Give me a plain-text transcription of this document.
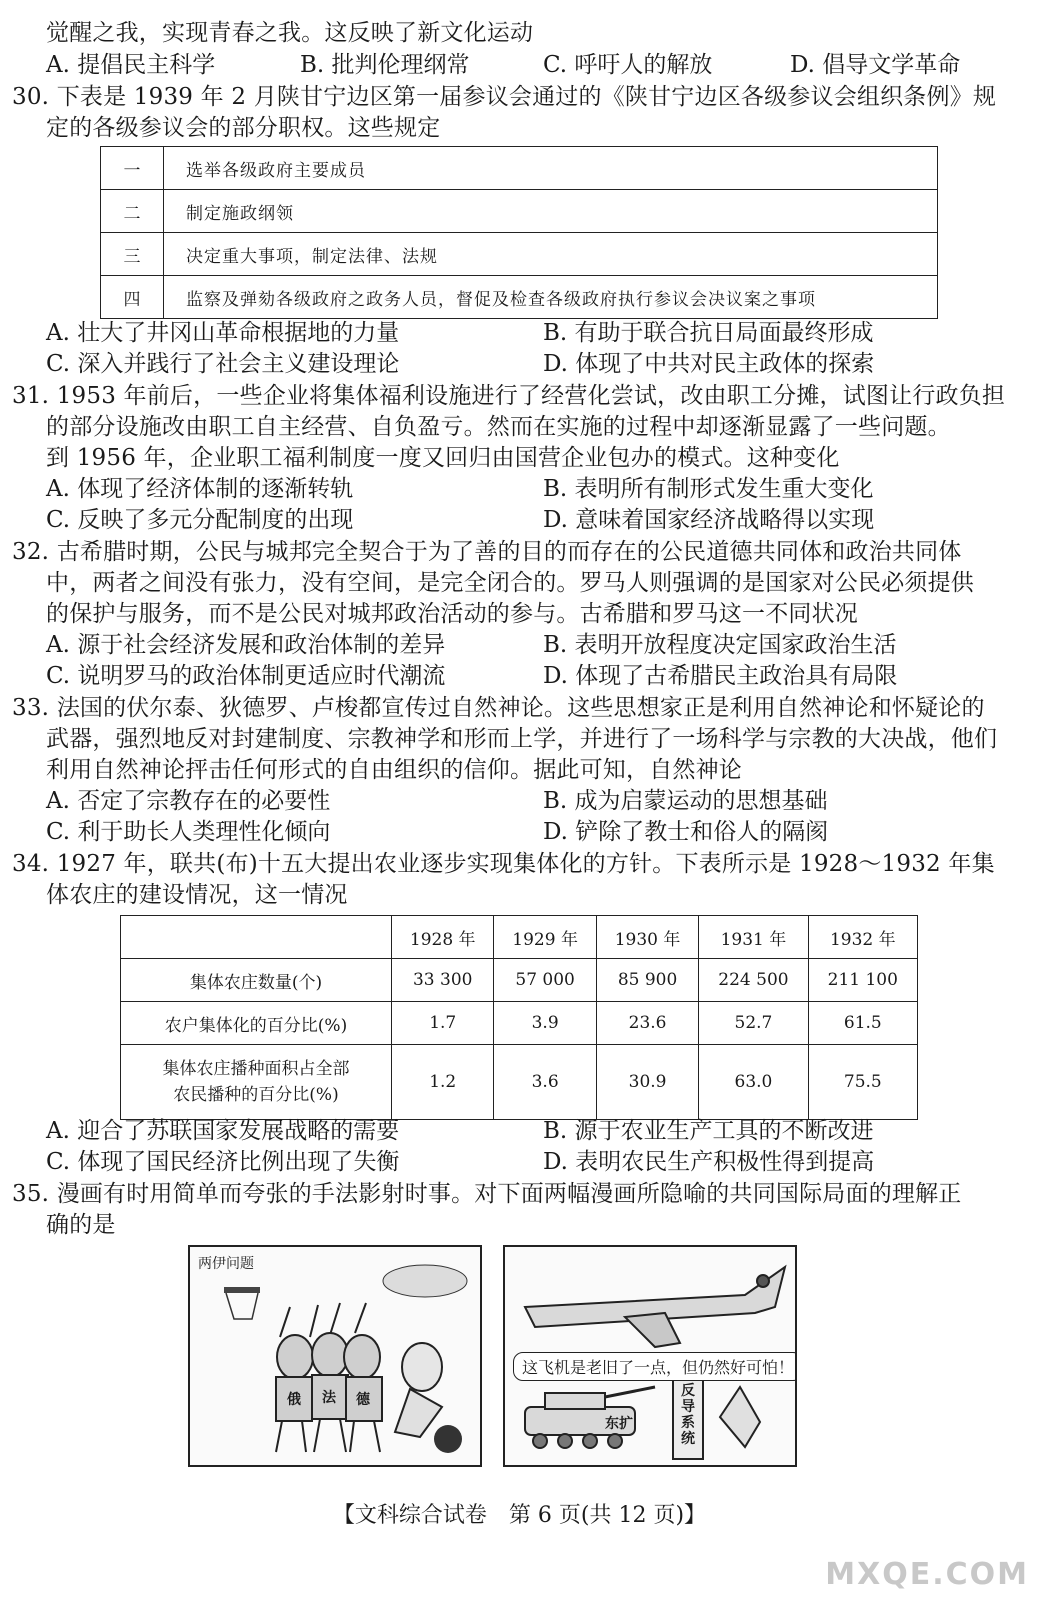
觉醒之我，实现青春之我。这反映了新文化运动
A. 提倡民主科学	B. 批判伦理纲常	C. 呼吁人的解放	D. 倡导文学革命
30. 下表是 1939 年 2 月陕甘宁边区第一届参议会通过的《陕甘宁边区各级参议会组织条例》规
定的各级参议会的部分职权。这些规定
一	选举各级政府主要成员
二	制定施政纲领
三	决定重大事项，制定法律、法规
四	监察及弹劾各级政府之政务人员，督促及检查各级政府执行参议会决议案之事项
A. 壮大了井冈山革命根据地的力量	B. 有助于联合抗日局面最终形成
C. 深入并践行了社会主义建设理论	D. 体现了中共对民主政体的探索
31. 1953 年前后，一些企业将集体福利设施进行了经营化尝试，改由职工分摊，试图让行政负担
的部分设施改由职工自主经营、自负盈亏。然而在实施的过程中却逐渐显露了一些问题。
到 1956 年，企业职工福利制度一度又回归由国营企业包办的模式。这种变化
A. 体现了经济体制的逐渐转轨	B. 表明所有制形式发生重大变化
C. 反映了多元分配制度的出现	D. 意味着国家经济战略得以实现
32. 古希腊时期，公民与城邦完全契合于为了善的目的而存在的公民道德共同体和政治共同体
中，两者之间没有张力，没有空间，是完全闭合的。罗马人则强调的是国家对公民必须提供
的保护与服务，而不是公民对城邦政治活动的参与。古希腊和罗马这一不同状况
A. 源于社会经济发展和政治体制的差异	B. 表明开放程度决定国家政治生活
C. 说明罗马的政治体制更适应时代潮流	D. 体现了古希腊民主政治具有局限
33. 法国的伏尔泰、狄德罗、卢梭都宣传过自然神论。这些思想家正是利用自然神论和怀疑论的
武器，强烈地反对封建制度、宗教神学和形而上学，并进行了一场科学与宗教的大决战，他们
利用自然神论抨击任何形式的自由组织的信仰。据此可知，自然神论
A. 否定了宗教存在的必要性	B. 成为启蒙运动的思想基础
C. 利于助长人类理性化倾向	D. 铲除了教士和俗人的隔阂
34. 1927 年，联共(布)十五大提出农业逐步实现集体化的方针。下表所示是 1928～1932 年集
体农庄的建设情况，这一情况
	1928 年	1929 年	1930 年	1931 年	1932 年
集体农庄数量(个)	33 300	57 000	85 900	224 500	211 100
农户集体化的百分比(%)	1.7	3.9	23.6	52.7	61.5
集体农庄播种面积占全部
农民播种的百分比(%)	1.2	3.6	30.9	63.0	75.5
A. 迎合了苏联国家发展战略的需要	B. 源于农业生产工具的不断改进
C. 体现了国民经济比例出现了失衡	D. 表明农民生产积极性得到提高
35. 漫画有时用简单而夸张的手法影射时事。对下面两幅漫画所隐喻的共同国际局面的理解正
确的是
两伊问题
俄 法 德
这飞机是老旧了一点，但仍然好可怕！
东扩
反导系统
【文科综合试卷　第 6 页(共 12 页)】
MXQE.COM
